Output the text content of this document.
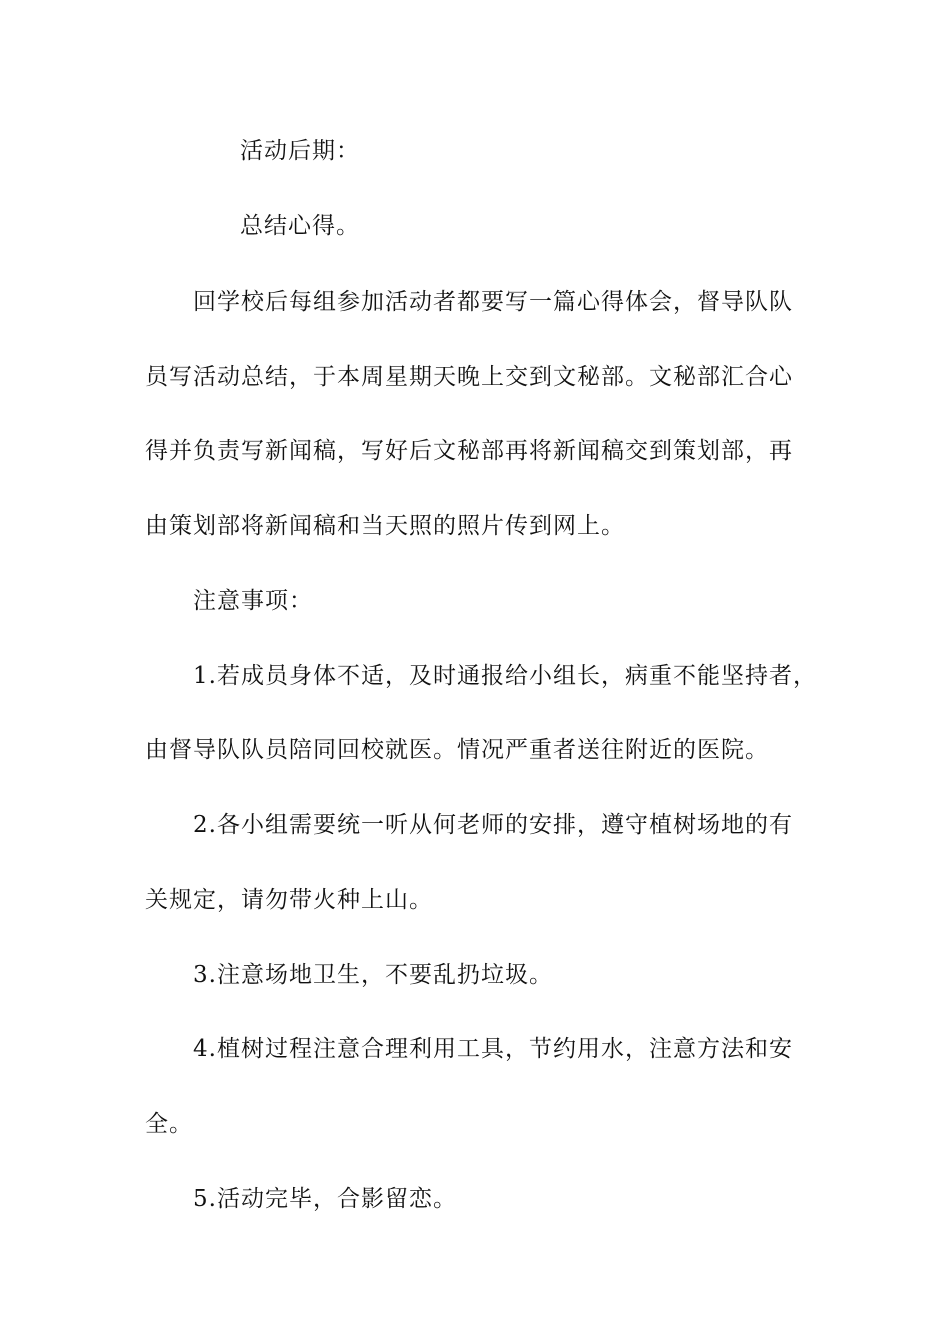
活动后期：
总结心得。
回学校后每组参加活动者都要写一篇心得体会，督导队队
员写活动总结，于本周星期天晚上交到文秘部。文秘部汇合心
得并负责写新闻稿，写好后文秘部再将新闻稿交到策划部，再
由策划部将新闻稿和当天照的照片传到网上。
注意事项：
1.若成员身体不适，及时通报给小组长，病重不能坚持者，
由督导队队员陪同回校就医。情况严重者送往附近的医院。
2.各小组需要统一听从何老师的安排，遵守植树场地的有
关规定，请勿带火种上山。
3.注意场地卫生，不要乱扔垃圾。
4.植树过程注意合理利用工具，节约用水，注意方法和安
全。
5.活动完毕，合影留恋。
